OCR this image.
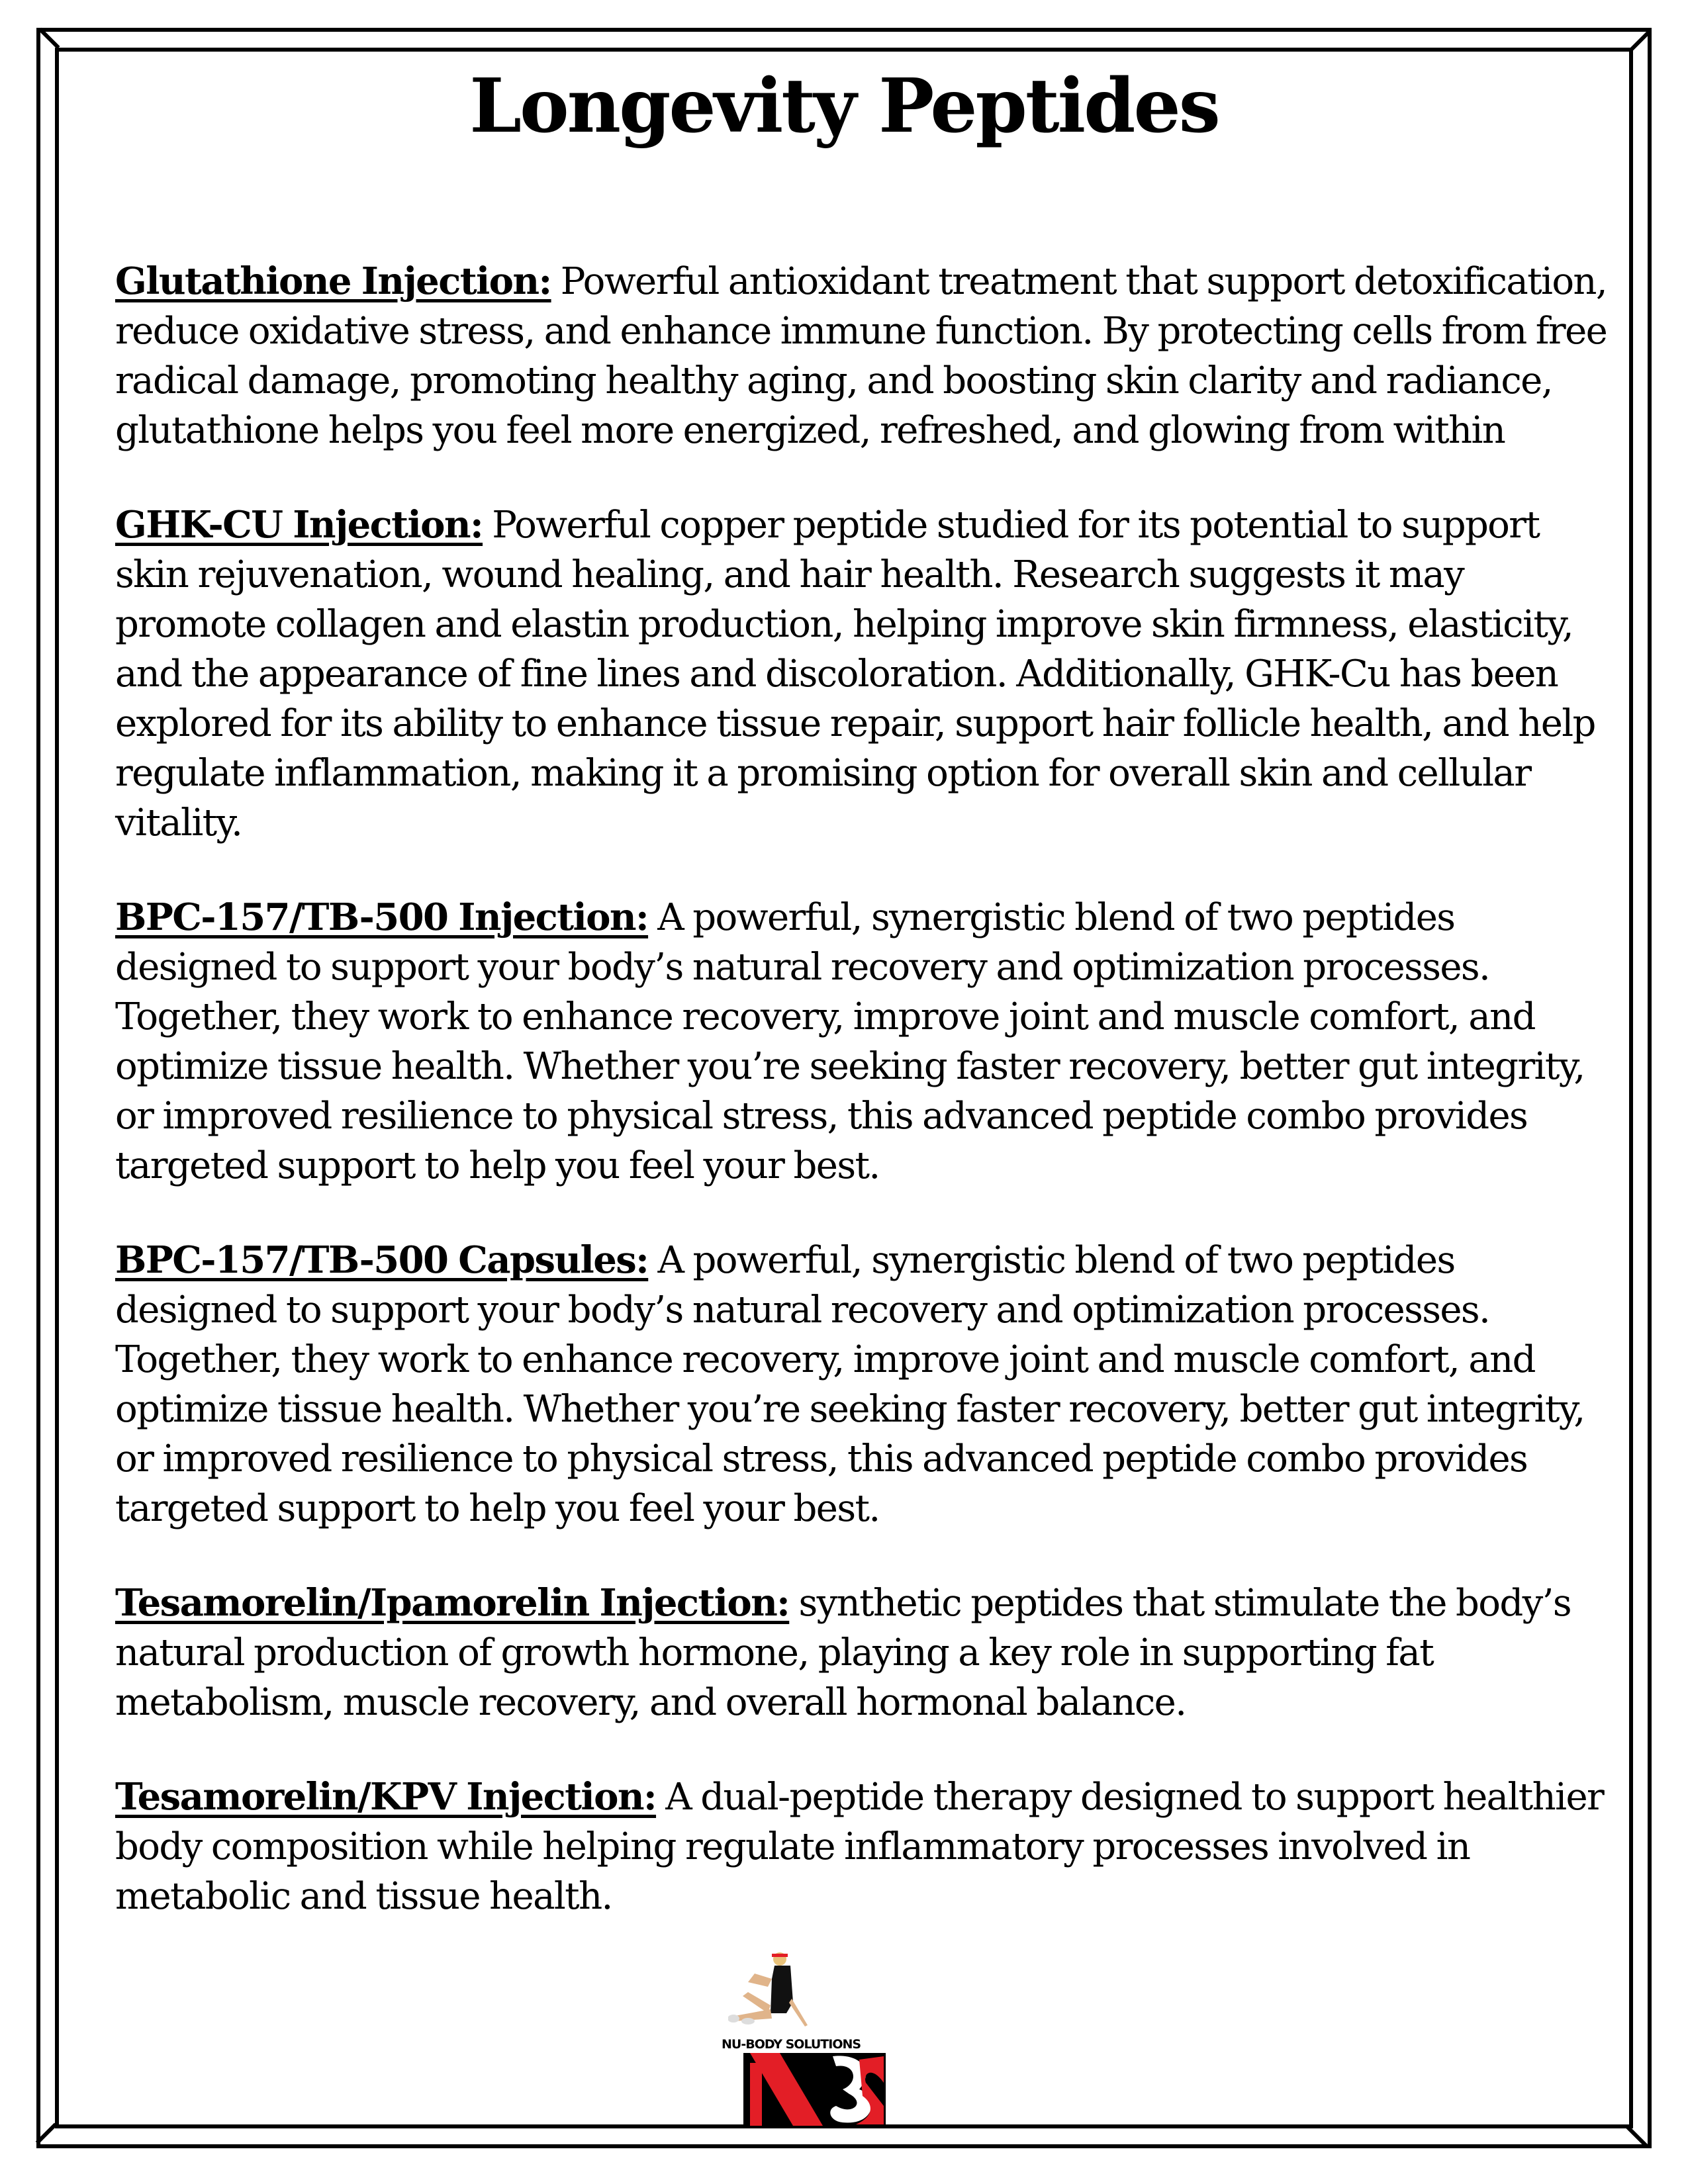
Longevity Peptides

Glutathione Injection: Powerful antioxidant treatment that support detoxification, reduce oxidative stress, and enhance immune function. By protecting cells from free radical damage, promoting healthy aging, and boosting skin clarity and radiance, glutathione helps you feel more energized, refreshed, and glowing from within

GHK-CU Injection: Powerful copper peptide studied for its potential to support skin rejuvenation, wound healing, and hair health. Research suggests it may promote collagen and elastin production, helping improve skin firmness, elasticity, and the appearance of fine lines and discoloration. Additionally, GHK-Cu has been explored for its ability to enhance tissue repair, support hair follicle health, and help regulate inflammation, making it a promising option for overall skin and cellular vitality.

BPC-157/TB-500 Injection: A powerful, synergistic blend of two peptides designed to support your body’s natural recovery and optimization processes. Together, they work to enhance recovery, improve joint and muscle comfort, and optimize tissue health. Whether you’re seeking faster recovery, better gut integrity, or improved resilience to physical stress, this advanced peptide combo provides targeted support to help you feel your best.

BPC-157/TB-500 Capsules: A powerful, synergistic blend of two peptides designed to support your body’s natural recovery and optimization processes. Together, they work to enhance recovery, improve joint and muscle comfort, and optimize tissue health. Whether you’re seeking faster recovery, better gut integrity, or improved resilience to physical stress, this advanced peptide combo provides targeted support to help you feel your best.

Tesamorelin/Ipamorelin Injection: synthetic peptides that stimulate the body’s natural production of growth hormone, playing a key role in supporting fat metabolism, muscle recovery, and overall hormonal balance.

Tesamorelin/KPV Injection: A dual-peptide therapy designed to support healthier body composition while helping regulate inflammatory processes involved in metabolic and tissue health.

NU-BODY SOLUTIONS
